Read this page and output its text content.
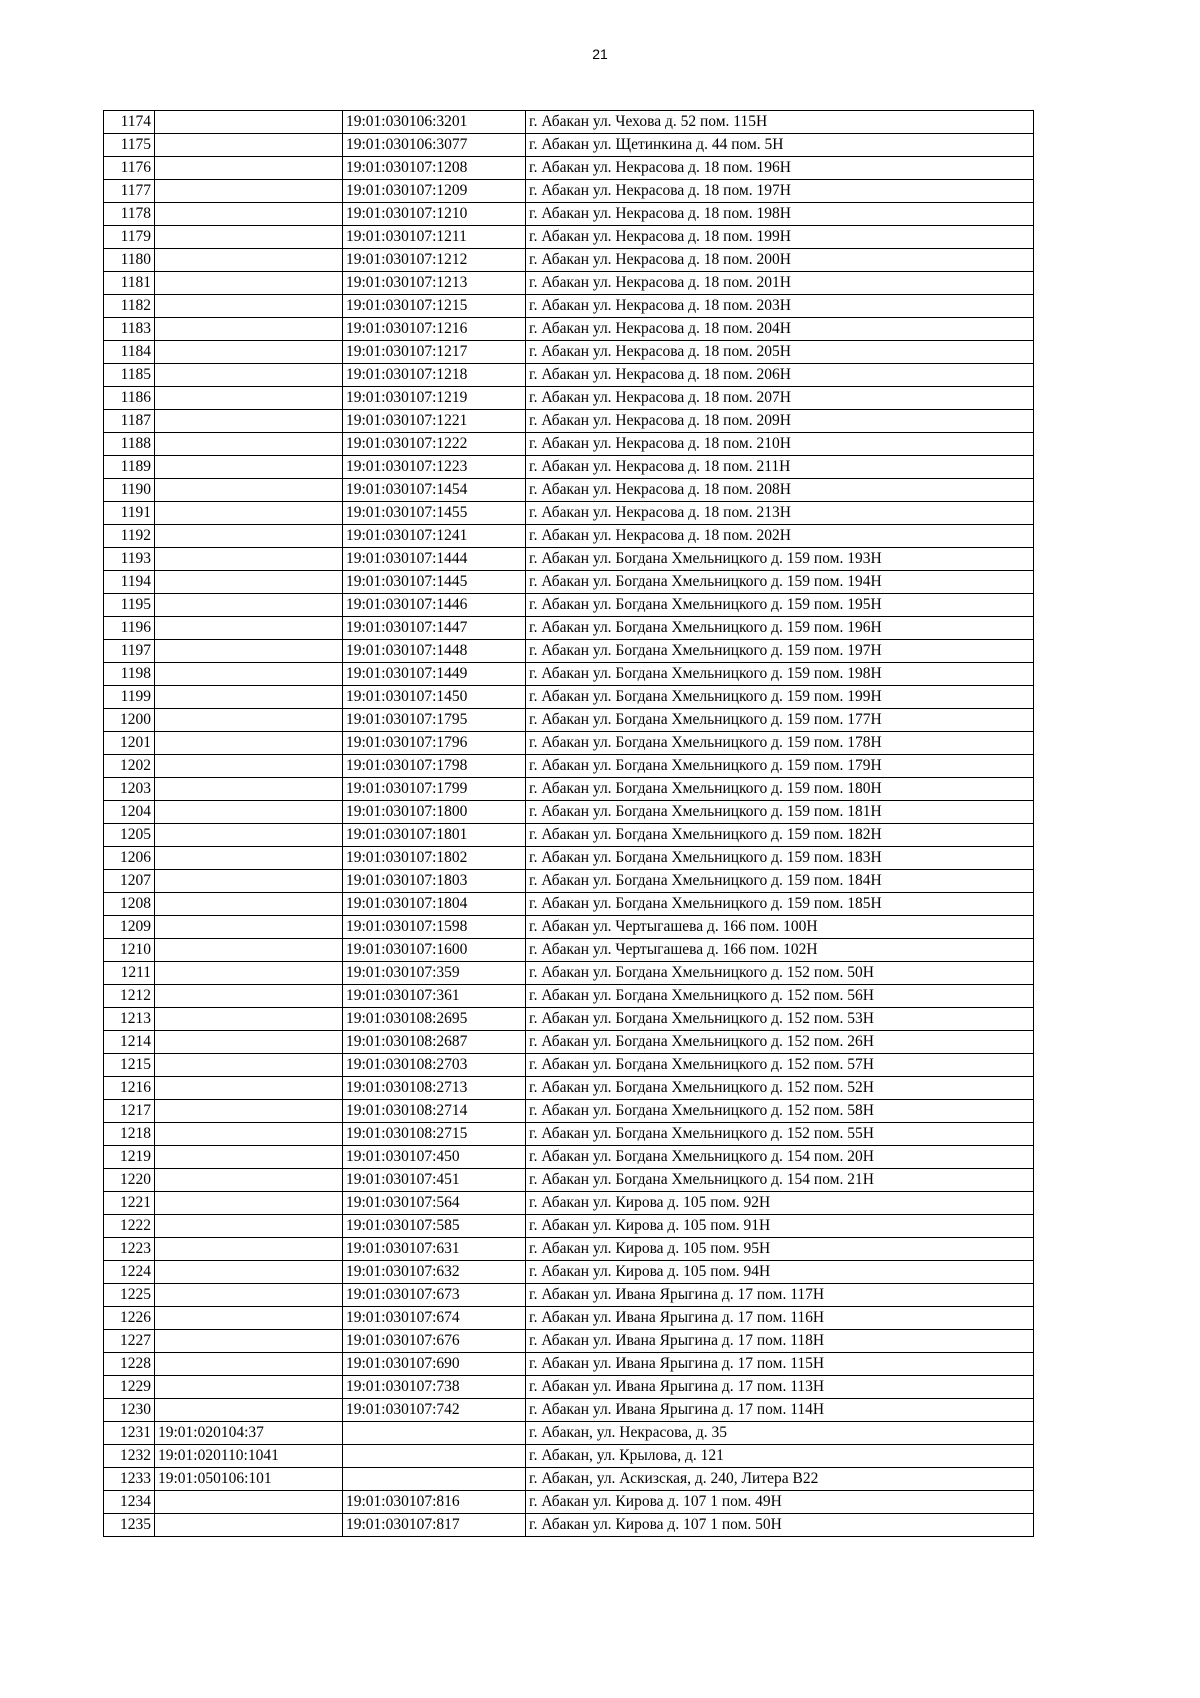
21
1174		19:01:030106:3201	г. Абакан ул. Чехова д. 52 пом. 115Н
1175		19:01:030106:3077	г. Абакан ул. Щетинкина д. 44 пом. 5Н
1176		19:01:030107:1208	г. Абакан ул. Некрасова д. 18 пом. 196Н
1177		19:01:030107:1209	г. Абакан ул. Некрасова д. 18 пом. 197Н
1178		19:01:030107:1210	г. Абакан ул. Некрасова д. 18 пом. 198Н
1179		19:01:030107:1211	г. Абакан ул. Некрасова д. 18 пом. 199Н
1180		19:01:030107:1212	г. Абакан ул. Некрасова д. 18 пом. 200Н
1181		19:01:030107:1213	г. Абакан ул. Некрасова д. 18 пом. 201Н
1182		19:01:030107:1215	г. Абакан ул. Некрасова д. 18 пом. 203Н
1183		19:01:030107:1216	г. Абакан ул. Некрасова д. 18 пом. 204Н
1184		19:01:030107:1217	г. Абакан ул. Некрасова д. 18 пом. 205Н
1185		19:01:030107:1218	г. Абакан ул. Некрасова д. 18 пом. 206Н
1186		19:01:030107:1219	г. Абакан ул. Некрасова д. 18 пом. 207Н
1187		19:01:030107:1221	г. Абакан ул. Некрасова д. 18 пом. 209Н
1188		19:01:030107:1222	г. Абакан ул. Некрасова д. 18 пом. 210Н
1189		19:01:030107:1223	г. Абакан ул. Некрасова д. 18 пом. 211Н
1190		19:01:030107:1454	г. Абакан ул. Некрасова д. 18 пом. 208Н
1191		19:01:030107:1455	г. Абакан ул. Некрасова д. 18 пом. 213Н
1192		19:01:030107:1241	г. Абакан ул. Некрасова д. 18 пом. 202Н
1193		19:01:030107:1444	г. Абакан ул. Богдана Хмельницкого д. 159 пом. 193Н
1194		19:01:030107:1445	г. Абакан ул. Богдана Хмельницкого д. 159 пом. 194Н
1195		19:01:030107:1446	г. Абакан ул. Богдана Хмельницкого д. 159 пом. 195Н
1196		19:01:030107:1447	г. Абакан ул. Богдана Хмельницкого д. 159 пом. 196Н
1197		19:01:030107:1448	г. Абакан ул. Богдана Хмельницкого д. 159 пом. 197Н
1198		19:01:030107:1449	г. Абакан ул. Богдана Хмельницкого д. 159 пом. 198Н
1199		19:01:030107:1450	г. Абакан ул. Богдана Хмельницкого д. 159 пом. 199Н
1200		19:01:030107:1795	г. Абакан ул. Богдана Хмельницкого д. 159 пом. 177Н
1201		19:01:030107:1796	г. Абакан ул. Богдана Хмельницкого д. 159 пом. 178Н
1202		19:01:030107:1798	г. Абакан ул. Богдана Хмельницкого д. 159 пом. 179Н
1203		19:01:030107:1799	г. Абакан ул. Богдана Хмельницкого д. 159 пом. 180Н
1204		19:01:030107:1800	г. Абакан ул. Богдана Хмельницкого д. 159 пом. 181Н
1205		19:01:030107:1801	г. Абакан ул. Богдана Хмельницкого д. 159 пом. 182Н
1206		19:01:030107:1802	г. Абакан ул. Богдана Хмельницкого д. 159 пом. 183Н
1207		19:01:030107:1803	г. Абакан ул. Богдана Хмельницкого д. 159 пом. 184Н
1208		19:01:030107:1804	г. Абакан ул. Богдана Хмельницкого д. 159 пом. 185Н
1209		19:01:030107:1598	г. Абакан ул. Чертыгашева д. 166 пом. 100Н
1210		19:01:030107:1600	г. Абакан ул. Чертыгашева д. 166 пом. 102Н
1211		19:01:030107:359	г. Абакан ул. Богдана Хмельницкого д. 152 пом. 50Н
1212		19:01:030107:361	г. Абакан ул. Богдана Хмельницкого д. 152 пом. 56Н
1213		19:01:030108:2695	г. Абакан ул. Богдана Хмельницкого д. 152 пом. 53Н
1214		19:01:030108:2687	г. Абакан ул. Богдана Хмельницкого д. 152 пом. 26Н
1215		19:01:030108:2703	г. Абакан ул. Богдана Хмельницкого д. 152 пом. 57Н
1216		19:01:030108:2713	г. Абакан ул. Богдана Хмельницкого д. 152 пом. 52Н
1217		19:01:030108:2714	г. Абакан ул. Богдана Хмельницкого д. 152 пом. 58Н
1218		19:01:030108:2715	г. Абакан ул. Богдана Хмельницкого д. 152 пом. 55Н
1219		19:01:030107:450	г. Абакан ул. Богдана Хмельницкого д. 154 пом. 20Н
1220		19:01:030107:451	г. Абакан ул. Богдана Хмельницкого д. 154 пом. 21Н
1221		19:01:030107:564	г. Абакан ул. Кирова д. 105 пом. 92Н
1222		19:01:030107:585	г. Абакан ул. Кирова д. 105 пом. 91Н
1223		19:01:030107:631	г. Абакан ул. Кирова д. 105 пом. 95Н
1224		19:01:030107:632	г. Абакан ул. Кирова д. 105 пом. 94Н
1225		19:01:030107:673	г. Абакан ул. Ивана Ярыгина д. 17 пом. 117Н
1226		19:01:030107:674	г. Абакан ул. Ивана Ярыгина д. 17 пом. 116Н
1227		19:01:030107:676	г. Абакан ул. Ивана Ярыгина д. 17 пом. 118Н
1228		19:01:030107:690	г. Абакан ул. Ивана Ярыгина д. 17 пом. 115Н
1229		19:01:030107:738	г. Абакан ул. Ивана Ярыгина д. 17 пом. 113Н
1230		19:01:030107:742	г. Абакан ул. Ивана Ярыгина д. 17 пом. 114Н
1231	19:01:020104:37		г. Абакан, ул. Некрасова, д. 35
1232	19:01:020110:1041		г. Абакан, ул. Крылова, д. 121
1233	19:01:050106:101		г. Абакан, ул. Аскизская, д. 240, Литера В22
1234		19:01:030107:816	г. Абакан ул. Кирова д. 107 1 пом. 49Н
1235		19:01:030107:817	г. Абакан ул. Кирова д. 107 1 пом. 50Н
